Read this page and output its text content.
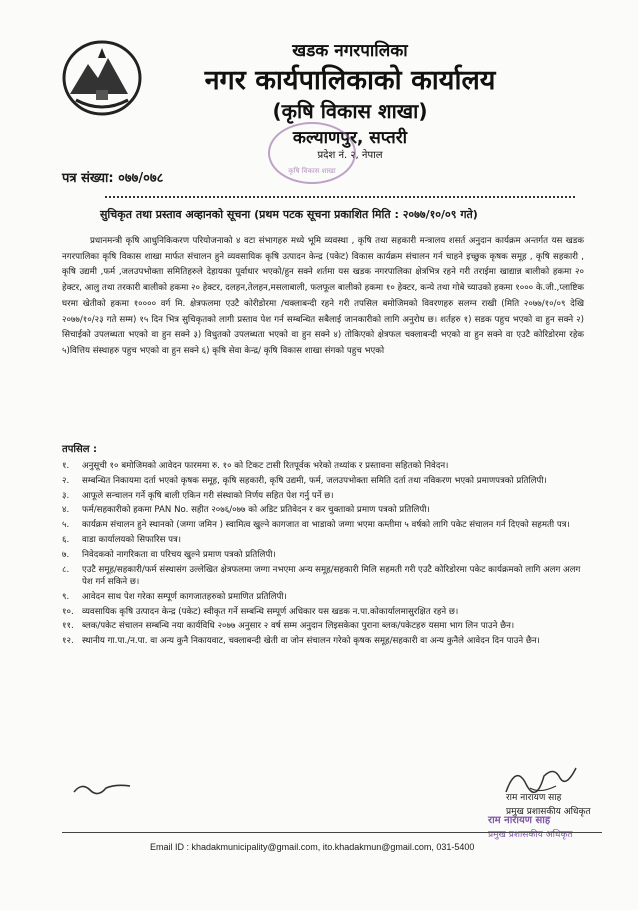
खडक नगरपालिका
नगर कार्यपालिकाको कार्यालय
(कृषि विकास शाखा)
कल्याणपुर, सप्तरी
प्रदेश नं. २, नेपाल
कृषि विकास शाखा
पत्र संख्या: ०७७/०७८
सुचिकृत तथा प्रस्ताव अव्हानको सूचना (प्रथम पटक सूचना प्रकाशित मिति : २०७७/१०/०९ गते)

प्रधानमन्त्री कृषि आधुनिकिकरण परियोजनाको ४ वटा संभागहरु मध्ये भूमि व्यवस्था , कृषि तथा सहकारी मन्त्रालय शसर्त अनुदान कार्यक्रम अन्तर्गत यस खडक नगरपालिका कृषि विकास शाखा मार्फत संचालन हुने व्यवसायिक कृषि उत्पादन केन्द्र (पकेट) विकास कार्यक्रम संचालन गर्न चाहने इच्छुक कृषक समूह , कृषि सहकारी , कृषि उद्यमी ,फर्म ,जलउपभोक्ता समितिहरुले देहायका पूर्वाधार भएको/हुन सक्ने शर्तमा यस खडक नगरपालिका क्षेत्रभित्र रहने गरी तराईमा खाद्यान्न बालीको हकमा २० हेक्टर, आलु तथा तरकारी बालीको हकमा २० हेक्टर, दलहन,तेलहन,मसलाबाली, फलफूल बालीको हकमा १० हेक्टर, कन्ये तथा गोबे च्याउको हकमा १००० के.जी.,प्लाष्टिक घरमा खेतीको हकमा १०००० वर्ग मि. क्षेत्रफलमा एउटै कोरीडोरमा /चक्लाबन्दी रहने गरी तपसिल बमोजिमको विवरणहरु सलग्न राखी (मिति २०७७/१०/०९ देखि २०७७/१०/२३ गते सम्म) १५ दिन भित्र सुचिकृतको लागी प्रस्ताव पेश गर्न सम्बन्धित सबैलाई जानकारीको लागि अनुरोध छ। शर्तहरु १) सडक पहुच भएको वा हुन सक्ने २) सिचाईको उपलब्धता भएको वा हुन सक्ने ३) विधुतको उपलब्धता भएको वा हुन सक्ने ४) तोकिएको क्षेत्रफल चक्लाबन्दी भएको वा हुन सक्ने वा एउटै कोरिडोरमा रहेक ५)वित्तिय संस्थाहरु पहुच भएको वा हुन सक्ने ६) कृषि सेवा केन्द्र/ कृषि विकास शाखा संगको पहुच भएको

तपसिल :
१.	अनुसूची १० बमोजिमको आवेदन फारममा रु. १० को टिकट टासी रितपूर्वक भरेको तथ्यांक र प्रस्तावना सहितको निवेदन।
२.	सम्बन्धित निकायमा दर्ता भएको कृषक समूह, कृषि सहकारी, कृषि उद्यमी, फर्म, जलउपभोक्ता समिति दर्ता तथा नविकरण भएको प्रमाणपत्रको प्रतिलिपी।
३.	आफूले सन्चालन गर्ने कृषि बाली एकिन गरी संस्थाको निर्णय सहित पेश गर्नु पर्ने छ।
४.	फर्म/सहकारीको हकमा PAN No. सहीत २०७६/०७७ को अडिट प्रतिवेदन र कर चुक्ताको प्रमाण पत्रको प्रतिलिपी।
५.	कार्यक्रम संचालन हुने स्थानको (जग्गा जमिन ) स्वामित्व खुल्ने कागजात वा भाडाको जग्गा भएमा कम्तीमा ५ वर्षको लागि पकेट संचालन गर्न दिएको सहमती पत्र।
६.	वाडा कार्यालयको सिफारिस पत्र।
७.	निवेदकको नागरिकता वा परिचय खुल्ने प्रमाण पत्रको प्रतिलिपी।
८.	एउटै समूह/सहकारी/फर्म संस्थासंग उल्लेखित क्षेत्रफलमा जग्गा नभएमा अन्य समूह/सहकारी मिलि सहमती गरी एउटै कोरिडोरमा पकेट कार्यक्रमको लागि अलग अलग पेश गर्न सकिने छ।
९.	आवेदन साथ पेश गरेका सम्पूर्ण कागजातहरुको प्रमाणित प्रतिलिपी।
१०. व्यवसायिक कृषि उत्पादन केन्द्र (पकेट) स्वीकृत गर्ने सम्बन्धि सम्पूर्ण अधिकार यस खडक न.पा.कोकार्यालमासुरक्षित रहने छ।
११. ब्लक/पकेट संचालन सम्बन्धि नया कार्यविधि २०७७ अनुसार २ वर्ष सम्म अनुदान लिइसकेका पुराना ब्लक/पकेटहरु यसमा भाग लिन पाउने छैन।
१२. स्थानीय गा.पा./न.पा. वा अन्य कुनै निकायवाट, चक्लाबन्दी खेती वा जोन संचालन गरेको कृषक समूह/सहकारी वा अन्य कुनैले आवेदन दिन पाउने छैन।
राम नारायण साह
प्रमुख प्रशासकीय अधिकृत
राम नारायण साह
प्रमुख प्रशासकीय अधिकृत
Email ID : khadakmunicipality@gmail.com, ito.khadakmun@gmail.com, 031-5400
